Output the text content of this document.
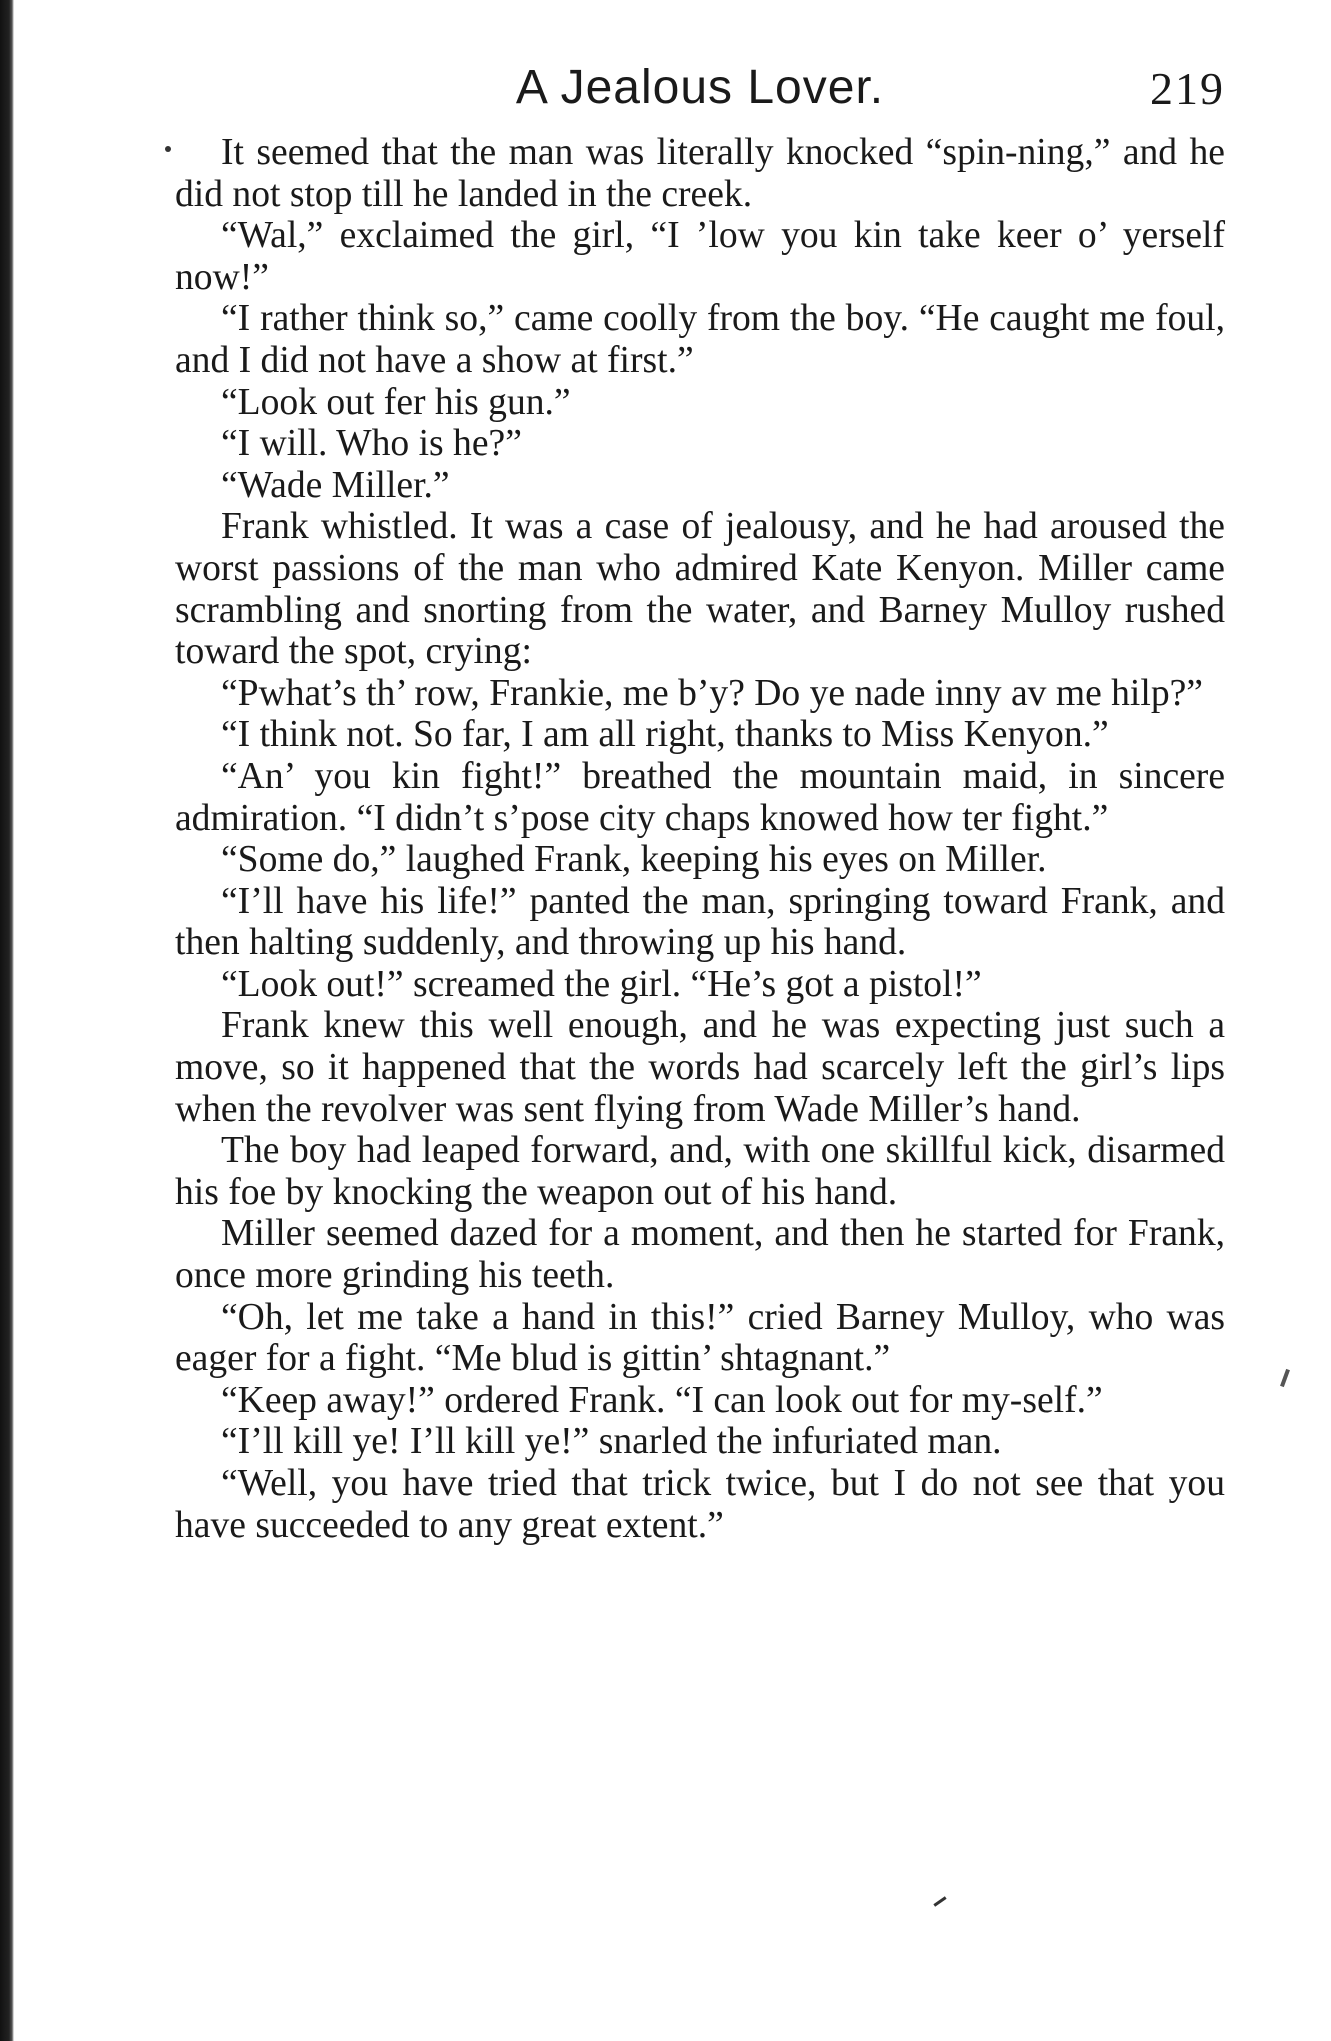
A Jealous Lover.	219

It seemed that the man was literally knocked “spin-ning,” and he did not stop till he landed in the creek.

“Wal,” exclaimed the girl, “I ’low you kin take keer o’ yerself now!”

“I rather think so,” came coolly from the boy. “He caught me foul, and I did not have a show at first.”

“Look out fer his gun.”

“I will. Who is he?”

“Wade Miller.”

Frank whistled. It was a case of jealousy, and he had aroused the worst passions of the man who admired Kate Kenyon. Miller came scrambling and snorting from the water, and Barney Mulloy rushed toward the spot, crying:

“Pwhat’s th’ row, Frankie, me b’y? Do ye nade inny av me hilp?”

“I think not. So far, I am all right, thanks to Miss Kenyon.”

“An’ you kin fight!” breathed the mountain maid, in sincere admiration. “I didn’t s’pose city chaps knowed how ter fight.”

“Some do,” laughed Frank, keeping his eyes on Miller.

“I’ll have his life!” panted the man, springing toward Frank, and then halting suddenly, and throwing up his hand.

“Look out!” screamed the girl. “He’s got a pistol!”

Frank knew this well enough, and he was expecting just such a move, so it happened that the words had scarcely left the girl’s lips when the revolver was sent flying from Wade Miller’s hand.

The boy had leaped forward, and, with one skillful kick, disarmed his foe by knocking the weapon out of his hand.

Miller seemed dazed for a moment, and then he started for Frank, once more grinding his teeth.

“Oh, let me take a hand in this!” cried Barney Mulloy, who was eager for a fight. “Me blud is gittin’ shtagnant.”

“Keep away!” ordered Frank. “I can look out for my-self.”

“I’ll kill ye! I’ll kill ye!” snarled the infuriated man.

“Well, you have tried that trick twice, but I do not see that you have succeeded to any great extent.”
